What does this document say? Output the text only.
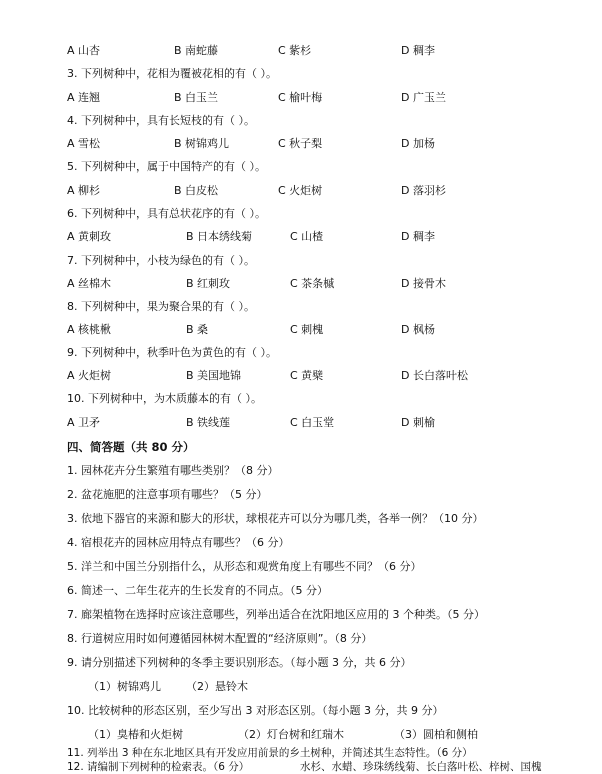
A 山杏	B 南蛇藤	C 紫杉	D 稠李
3. 下列树种中，花相为覆被花相的有（ ）。
A 连翘	B 白玉兰	C 榆叶梅	D 广玉兰
4. 下列树种中，具有长短枝的有（ ）。
A 雪松	B 树锦鸡儿	C 秋子梨	D 加杨
5. 下列树种中，属于中国特产的有（ ）。
A 柳杉	B 白皮松	C 火炬树	D 落羽杉
6. 下列树种中，具有总状花序的有（ ）。
A 黄刺玫	B 日本绣线菊	C 山楂	D 稠李
7. 下列树种中，小枝为绿色的有（ ）。
A 丝棉木	B 红刺玫	C 茶条槭	D 接骨木
8. 下列树种中，果为聚合果的有（ ）。
A 核桃楸	B 桑	C 刺槐	D 枫杨
9. 下列树种中，秋季叶色为黄色的有（ ）。
A 火炬树	B 美国地锦	C 黄檗	D 长白落叶松
10. 下列树种中，为木质藤本的有（ ）。
A 卫矛	B 铁线莲	C 白玉堂	D 刺榆
四、简答题（共 80 分）
1. 园林花卉分生繁殖有哪些类别？（8 分）
2. 盆花施肥的注意事项有哪些？（5 分）
3. 依地下器官的来源和膨大的形状，球根花卉可以分为哪几类，各举一例？（10 分）
4. 宿根花卉的园林应用特点有哪些？（6 分）
5. 洋兰和中国兰分别指什么，从形态和观赏角度上有哪些不同？（6 分）
6. 简述一、二年生花卉的生长发育的不同点。（5 分）
7. 廊架植物在选择时应该注意哪些，列举出适合在沈阳地区应用的 3 个种类。（5 分）
8. 行道树应用时如何遵循园林树木配置的“经济原则”。（8 分）
9. 请分别描述下列树种的冬季主要识别形态。（每小题 3 分，共 6 分）
（1）树锦鸡儿 （2）悬铃木
10. 比较树种的形态区别，至少写出 3 对形态区别。（每小题 3 分，共 9 分）
（1）臭椿和火炬树	（2）灯台树和红瑞木	（3）圆柏和侧柏
11. 列举出 3 种在东北地区具有开发应用前景的乡土树种，并简述其生态特性。（6 分）
12. 请编制下列树种的检索表。（6 分）	水杉、水蜡、珍珠绣线菊、长白落叶松、梓树、国槐
